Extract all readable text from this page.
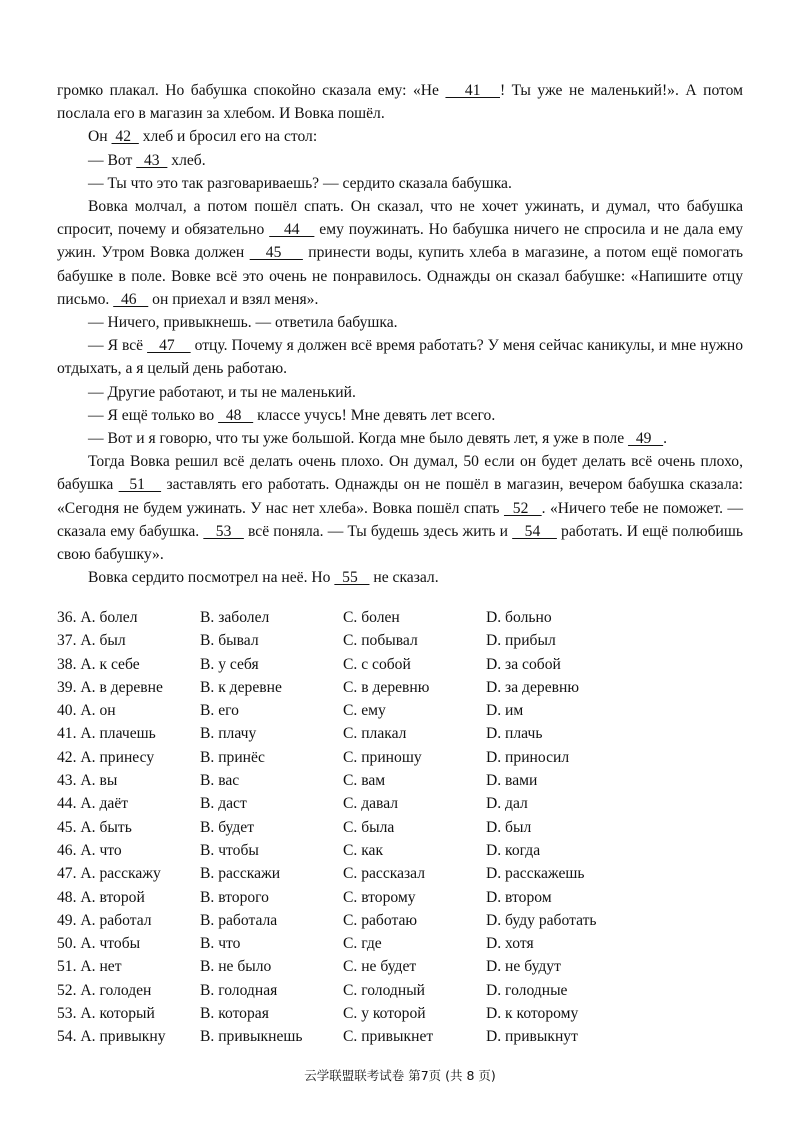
громко плакал. Но бабушка спокойно сказала ему: «Не    41   ! Ты уже не маленький!». А потом послала его в магазин за хлебом. И Вовка пошёл.

Он  42   хлеб и бросил его на стол:

— Вот   43   хлеб.

— Ты что это так разговариваешь? — сердито сказала бабушка.

Вовка молчал, а потом пошёл спать. Он сказал, что не хочет ужинать, и думал, что бабушка спросит, почему и обязательно    44    ему поужинать. Но бабушка ничего не спросила и не дала ему ужин. Утром Вовка должен    45     принести воды, купить хлеба в магазине, а потом ещё помогать бабушке в поле. Вовке всё это очень не понравилось. Однажды он сказал бабушке: «Напишите отцу письмо.   46    он приехал и взял меня».

— Ничего, привыкнешь. — ответила бабушка.

— Я всё    47     отцу. Почему я должен всё время работать? У меня сейчас каникулы, и мне нужно отдыхать, а я целый день работаю.

— Другие работают, и ты не маленький.

— Я ещё только во   48    классе учусь! Мне девять лет всего.

— Вот и я говорю, что ты уже большой. Когда мне было девять лет, я уже в поле   49   .

Тогда Вовка решил всё делать очень плохо. Он думал, 50 если он будет делать всё очень плохо, бабушка   51    заставлять его работать. Однажды он не пошёл в магазин, вечером бабушка сказала: «Сегодня не будем ужинать. У нас нет хлеба». Вовка пошёл спать   52   . «Ничего тебе не поможет. — сказала ему бабушка.    53    всё поняла. — Ты будешь здесь жить и    54     работать. И ещё полюбишь свою бабушку».

Вовка сердито посмотрел на неё. Но   55    не сказал.

36. А. болел	B. заболел	C. болен	D. больно
37. А. был	B. бывал	C. побывал	D. прибыл
38. А. к себе	B. у себя	C. с собой	D. за собой
39. А. в деревне	B. к деревне	C. в деревню	D. за деревню
40. А. он	B. его	C. ему	D. им
41. А. плачешь	B. плачу	C. плакал	D. плачь
42. А. принесу	B. принёс	C. приношу	D. приносил
43. А. вы	B. вас	C. вам	D. вами
44. А. даёт	B. даст	C. давал	D. дал
45. А. быть	B. будет	C. была	D. был
46. А. что	B. чтобы	C. как	D. когда
47. А. расскажу	B. расскажи	C. рассказал	D. расскажешь
48. А. второй	B. второго	C. второму	D. втором
49. А. работал	B. работала	C. работаю	D. буду работать
50. А. чтобы	B. что	C. где	D. хотя
51. А. нет	B. не было	C. не будет	D. не будут
52. А. голоден	B. голодная	C. голодный	D. голодные
53. А. который	B. которая	C. у которой	D. к которому
54. А. привыкну	B. привыкнешь	C. привыкнет	D. привыкнут
云学联盟联考试卷 第7页 (共 8 页)
